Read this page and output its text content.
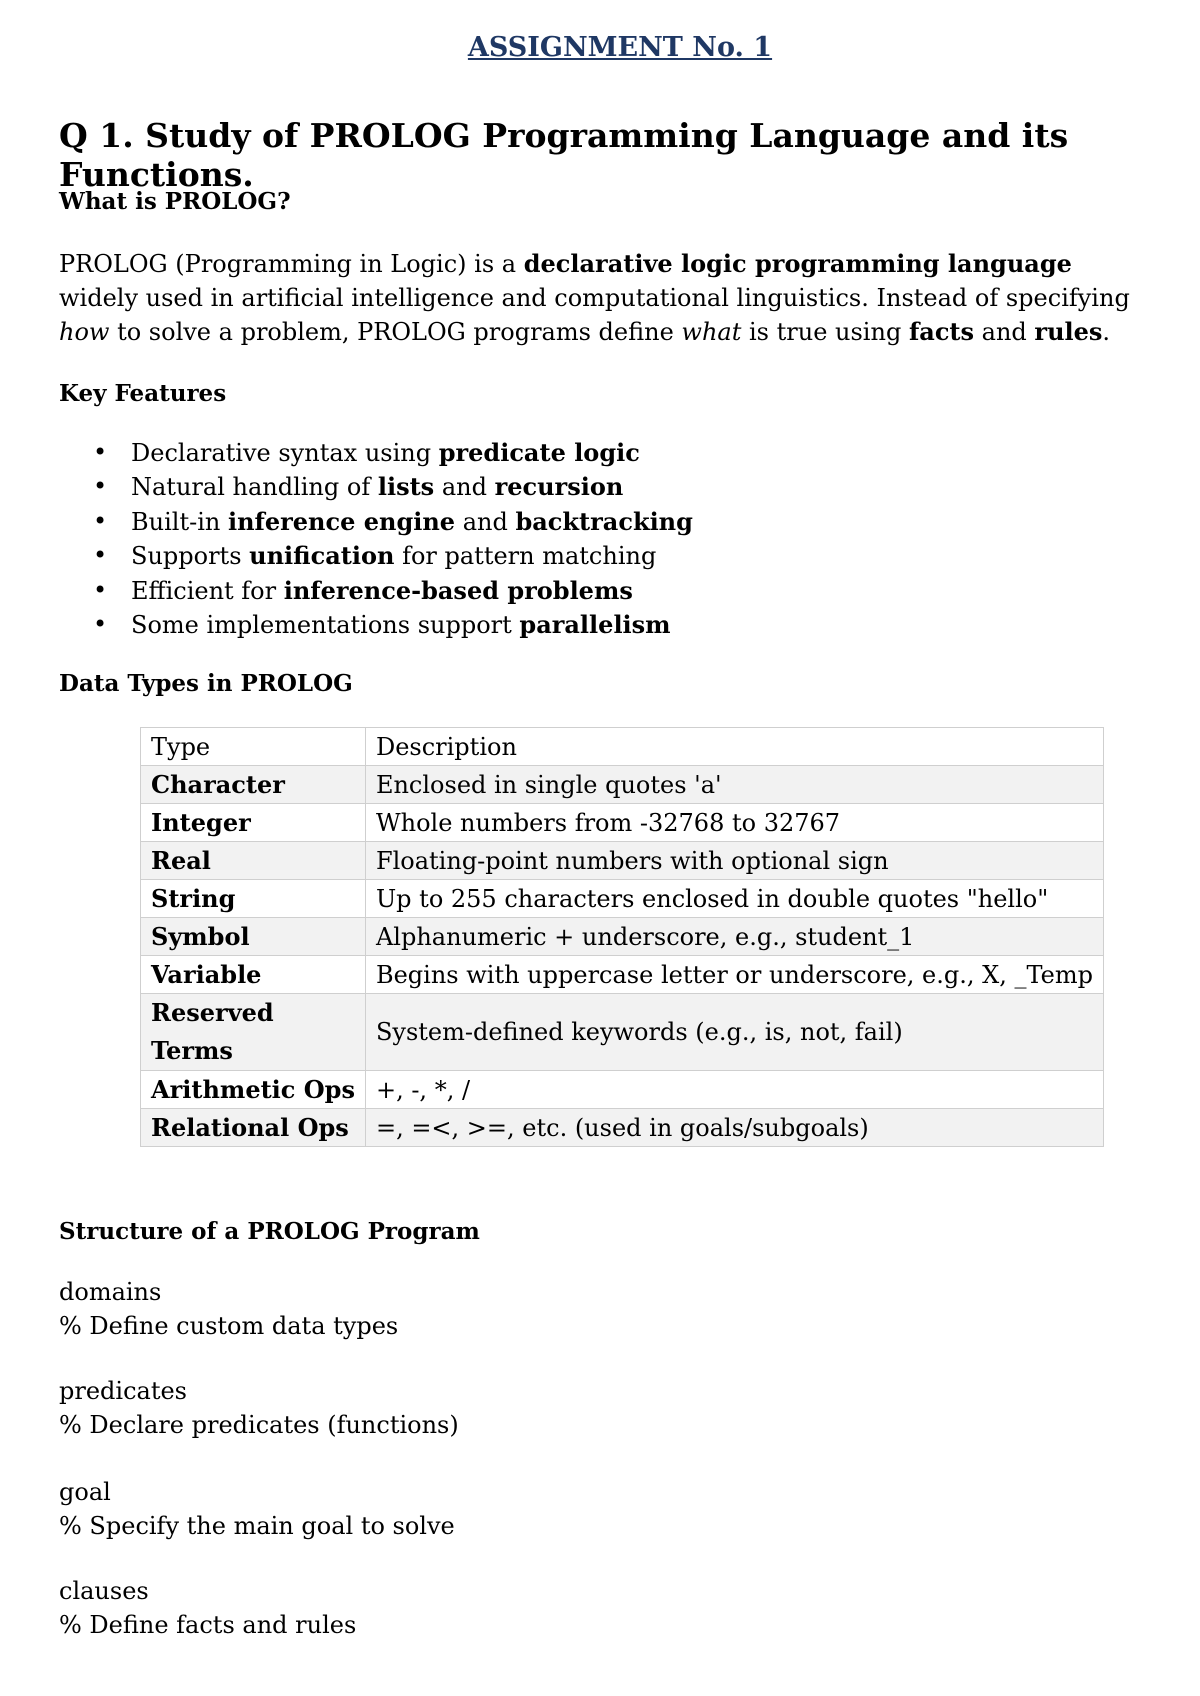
ASSIGNMENT No. 1
Q 1. Study of PROLOG Programming Language and its Functions.
What is PROLOG?
PROLOG (Programming in Logic) is a declarative logic programming language widely used in artificial intelligence and computational linguistics. Instead of specifying how to solve a problem, PROLOG programs define what is true using facts and rules.
Key Features
• Declarative syntax using predicate logic
• Natural handling of lists and recursion
• Built-in inference engine and backtracking
• Supports unification for pattern matching
• Efficient for inference-based problems
• Some implementations support parallelism
Data Types in PROLOG
Type	Description
Character	Enclosed in single quotes 'a'
Integer	Whole numbers from -32768 to 32767
Real	Floating-point numbers with optional sign
String	Up to 255 characters enclosed in double quotes "hello"
Symbol	Alphanumeric + underscore, e.g., student_1
Variable	Begins with uppercase letter or underscore, e.g., X, _Temp
Reserved Terms	System-defined keywords (e.g., is, not, fail)
Arithmetic Ops	+, -, *, /
Relational Ops	=, =<, >=, etc. (used in goals/subgoals)
Structure of a PROLOG Program
domains
% Define custom data types
predicates
% Declare predicates (functions)
goal
% Specify the main goal to solve
clauses
% Define facts and rules
